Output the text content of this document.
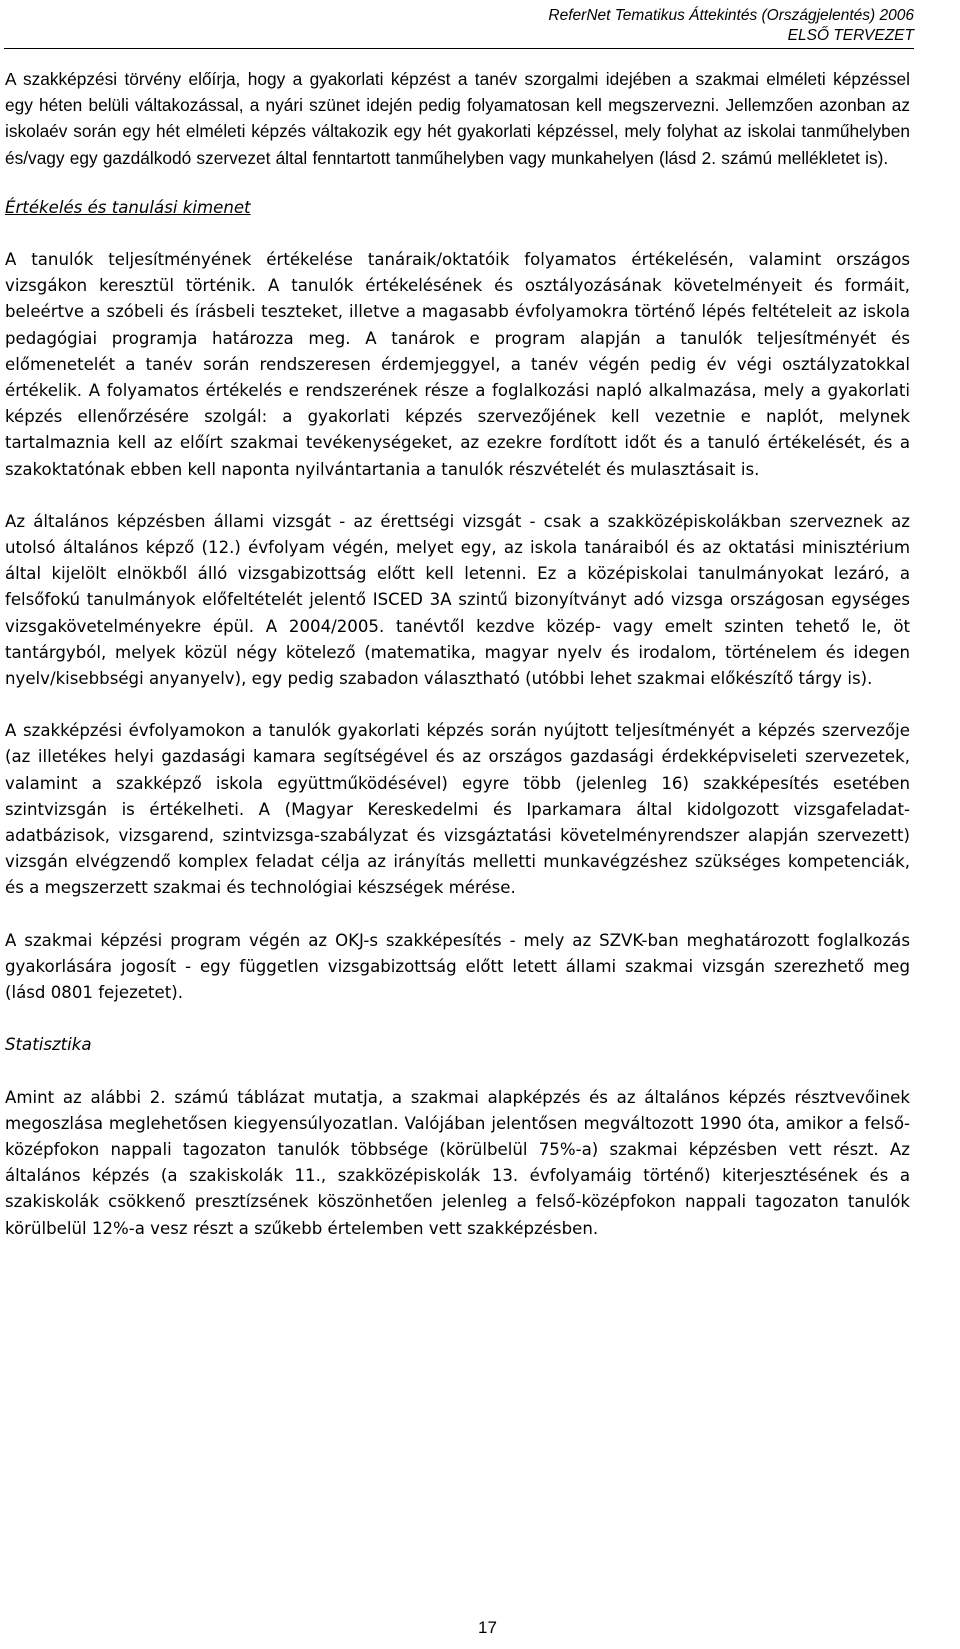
ReferNet Tematikus Áttekintés (Országjelentés) 2006
ELSŐ TERVEZET

A szakképzési törvény előírja, hogy a gyakorlati képzést a tanév szorgalmi idejében a szakmai elméleti képzéssel egy héten belüli váltakozással, a nyári szünet idején pedig folyamatosan kell megszervezni. Jellemzően azonban az iskolaév során egy hét elméleti képzés váltakozik egy hét gyakorlati képzéssel, mely folyhat az iskolai tanműhelyben és/vagy egy gazdálkodó szervezet által fenntartott tanműhelyben vagy munkahelyen (lásd 2. számú mellékletet is).

Értékelés és tanulási kimenet

A tanulók teljesítményének értékelése tanáraik/oktatóik folyamatos értékelésén, valamint országos vizsgákon keresztül történik. A tanulók értékelésének és osztályozásának követelményeit és formáit, beleértve a szóbeli és írásbeli teszteket, illetve a magasabb évfolyamokra történő lépés feltételeit az iskola pedagógiai programja határozza meg. A tanárok e program alapján a tanulók teljesítményét és előmenetelét a tanév során rendszeresen érdemjeggyel, a tanév végén pedig év végi osztályzatokkal értékelik. A folyamatos értékelés e rendszerének része a foglalkozási napló alkalmazása, mely a gyakorlati képzés ellenőrzésére szolgál: a gyakorlati képzés szervezőjének kell vezetnie e naplót, melynek tartalmaznia kell az előírt szakmai tevékenységeket, az ezekre fordított időt és a tanuló értékelését, és a szakoktatónak ebben kell naponta nyilvántartania a tanulók részvételét és mulasztásait is.

Az általános képzésben állami vizsgát - az érettségi vizsgát - csak a szakközépiskolákban szerveznek az utolsó általános képző (12.) évfolyam végén, melyet egy, az iskola tanáraiból és az oktatási minisztérium által kijelölt elnökből álló vizsgabizottság előtt kell letenni. Ez a középiskolai tanulmányokat lezáró, a felsőfokú tanulmányok előfeltételét jelentő ISCED 3A szintű bizonyítványt adó vizsga országosan egységes vizsgakövetelményekre épül. A 2004/2005. tanévtől kezdve közép- vagy emelt szinten tehető le, öt tantárgyból, melyek közül négy kötelező (matematika, magyar nyelv és irodalom, történelem és idegen nyelv/kisebbségi anyanyelv), egy pedig szabadon választható (utóbbi lehet szakmai előkészítő tárgy is).

A szakképzési évfolyamokon a tanulók gyakorlati képzés során nyújtott teljesítményét a képzés szervezője (az illetékes helyi gazdasági kamara segítségével és az országos gazdasági érdekképviseleti szervezetek, valamint a szakképző iskola együttműködésével) egyre több (jelenleg 16) szakképesítés esetében szintvizsgán is értékelheti. A (Magyar Kereskedelmi és Iparkamara által kidolgozott vizsgafeladat-adatbázisok, vizsgarend, szintvizsga-szabályzat és vizsgáztatási követelményrendszer alapján szervezett) vizsgán elvégzendő komplex feladat célja az irányítás melletti munkavégzéshez szükséges kompetenciák, és a megszerzett szakmai és technológiai készségek mérése.

A szakmai képzési program végén az OKJ-s szakképesítés - mely az SZVK-ban meghatározott foglalkozás gyakorlására jogosít - egy független vizsgabizottság előtt letett állami szakmai vizsgán szerezhető meg (lásd 0801 fejezetet).

Statisztika

Amint az alábbi 2. számú táblázat mutatja, a szakmai alapképzés és az általános képzés résztvevőinek megoszlása meglehetősen kiegyensúlyozatlan. Valójában jelentősen megváltozott 1990 óta, amikor a felső-középfokon nappali tagozaton tanulók többsége (körülbelül 75%-a) szakmai képzésben vett részt. Az általános képzés (a szakiskolák 11., szakközépiskolák 13. évfolyamáig történő) kiterjesztésének és a szakiskolák csökkenő presztízsének köszönhetően jelenleg a felső-középfokon nappali tagozaton tanulók körülbelül 12%-a vesz részt a szűkebb értelemben vett szakképzésben.

17
